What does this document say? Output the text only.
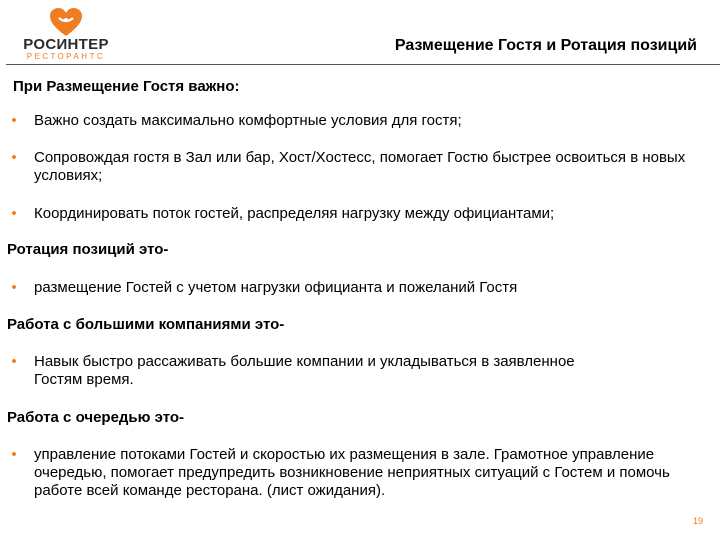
РОСИНТЕР
РЕСТОРАНТС
Размещение Гостя и Ротация позиций
При Размещение Гостя важно:
• Важно создать максимально комфортные условия для гостя;
• Сопровождая гостя в Зал или бар, Хост/Хостесс, помогает Гостю быстрее освоиться в новых условиях;
• Координировать поток гостей, распределяя нагрузку между официантами;
Ротация позиций это-
• размещение Гостей с учетом нагрузки официанта и пожеланий Гостя
Работа с большими компаниями это-
• Навык быстро рассаживать большие компании и укладываться в заявленное Гостям время.
Работа с очередью это-
• управление потоками Гостей и скоростью их размещения в зале. Грамотное управление очередью, помогает предупредить возникновение неприятных ситуаций с Гостем и помочь работе всей команде ресторана. (лист ожидания).
19
